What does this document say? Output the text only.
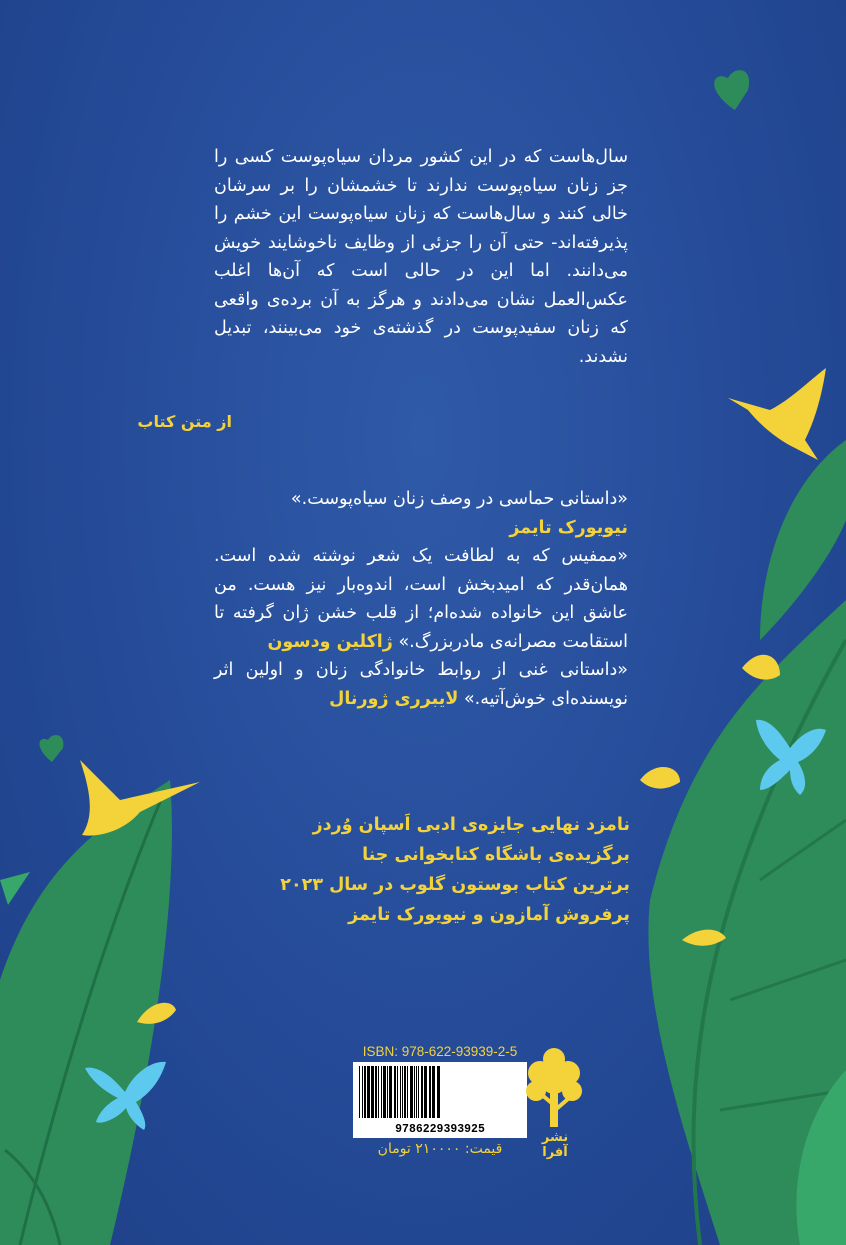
سال‌هاست که در این کشور مردان سیاه‌پوست کسی را جز زنان سیاه‌پوست ندارند تا خشمشان را بر سرشان خالی کنند و سال‌هاست که زنان سیاه‌پوست این خشم را پذیرفته‌اند- حتی آن را جزئی از وظایف ناخوشایند خویش می‌دانند. اما این در حالی است که آن‌ها اغلب عکس‌العمل نشان می‌دادند و هرگز به آن برده‌ی واقعی که زنان سفیدپوست در گذشته‌ی خود می‌بینند، تبدیل نشدند.
از متن کتاب
«داستانی حماسی در وصف زنان سیاه‌پوست.»
نیویورک تایمز
«ممفیس که به لطافت یک شعر نوشته شده است. همان‌قدر که امیدبخش است، اندوه‌بار نیز هست. من عاشق این خانواده شده‌ام؛ از قلب خشن ژان گرفته تا استقامت مصرانه‌ی مادربزرگ.» ژاکلین ودسون
«داستانی غنی از روابط خانوادگی زنان و اولین اثر نویسنده‌ای خوش‌آتیه.» لایبرری ژورنال
نامزد نهایی جایزه‌ی ادبی اَسپان وُردز
برگزیده‌ی باشگاه کتابخوانی جنا
برترین کتاب بوستون گلوب در سال ۲۰۲۳
پرفروش آمازون و نیویورک تایمز
ISBN: 978-622-93939-2-5
9786229393925
قیمت: ۲۱۰۰۰۰ تومان
نشر آفرا
